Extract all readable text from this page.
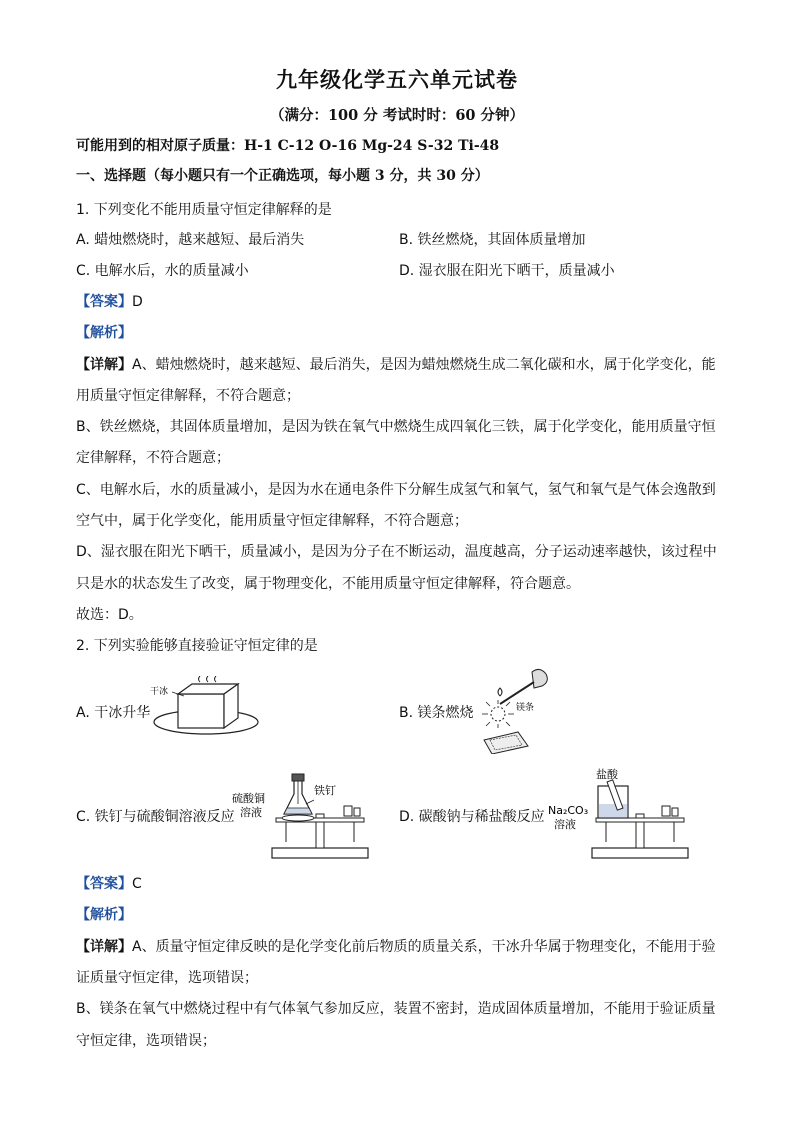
九年级化学五六单元试卷
（满分：100 分 考试时时：60 分钟）
可能用到的相对原子质量：H-1 C-12 O-16 Mg-24 S-32 Ti-48
一、选择题（每小题只有一个正确选项，每小题 3 分，共 30 分）
1. 下列变化不能用质量守恒定律解释的是
A. 蜡烛燃烧时，越来越短、最后消失	B. 铁丝燃烧，其固体质量增加
C. 电解水后，水的质量减小	D. 湿衣服在阳光下晒干，质量减小
【答案】D
【解析】
【详解】A、蜡烛燃烧时，越来越短、最后消失，是因为蜡烛燃烧生成二氧化碳和水，属于化学变化，能
用质量守恒定律解释，不符合题意；
B、铁丝燃烧，其固体质量增加，是因为铁在氧气中燃烧生成四氧化三铁，属于化学变化，能用质量守恒
定律解释，不符合题意；
C、电解水后，水的质量减小，是因为水在通电条件下分解生成氢气和氧气，氢气和氧气是气体会逸散到
空气中，属于化学变化，能用质量守恒定律解释，不符合题意；
D、湿衣服在阳光下晒干，质量减小，是因为分子在不断运动，温度越高，分子运动速率越快，该过程中
只是水的状态发生了改变，属于物理变化，不能用质量守恒定律解释，符合题意。
故选：D。
2. 下列实验能够直接验证守恒定律的是
A. 干冰升华
干冰
B. 镁条燃烧	镁条
C. 铁钉与硫酸铜溶液反应
硫酸铜
溶液
铁钉
D. 碳酸钠与稀盐酸反应
盐酸
Na₂CO₃
溶液
【答案】C
【解析】
【详解】A、质量守恒定律反映的是化学变化前后物质的质量关系，干冰升华属于物理变化，不能用于验
证质量守恒定律，选项错误；
B、镁条在氧气中燃烧过程中有气体氧气参加反应，装置不密封，造成固体质量增加，不能用于验证质量
守恒定律，选项错误；
